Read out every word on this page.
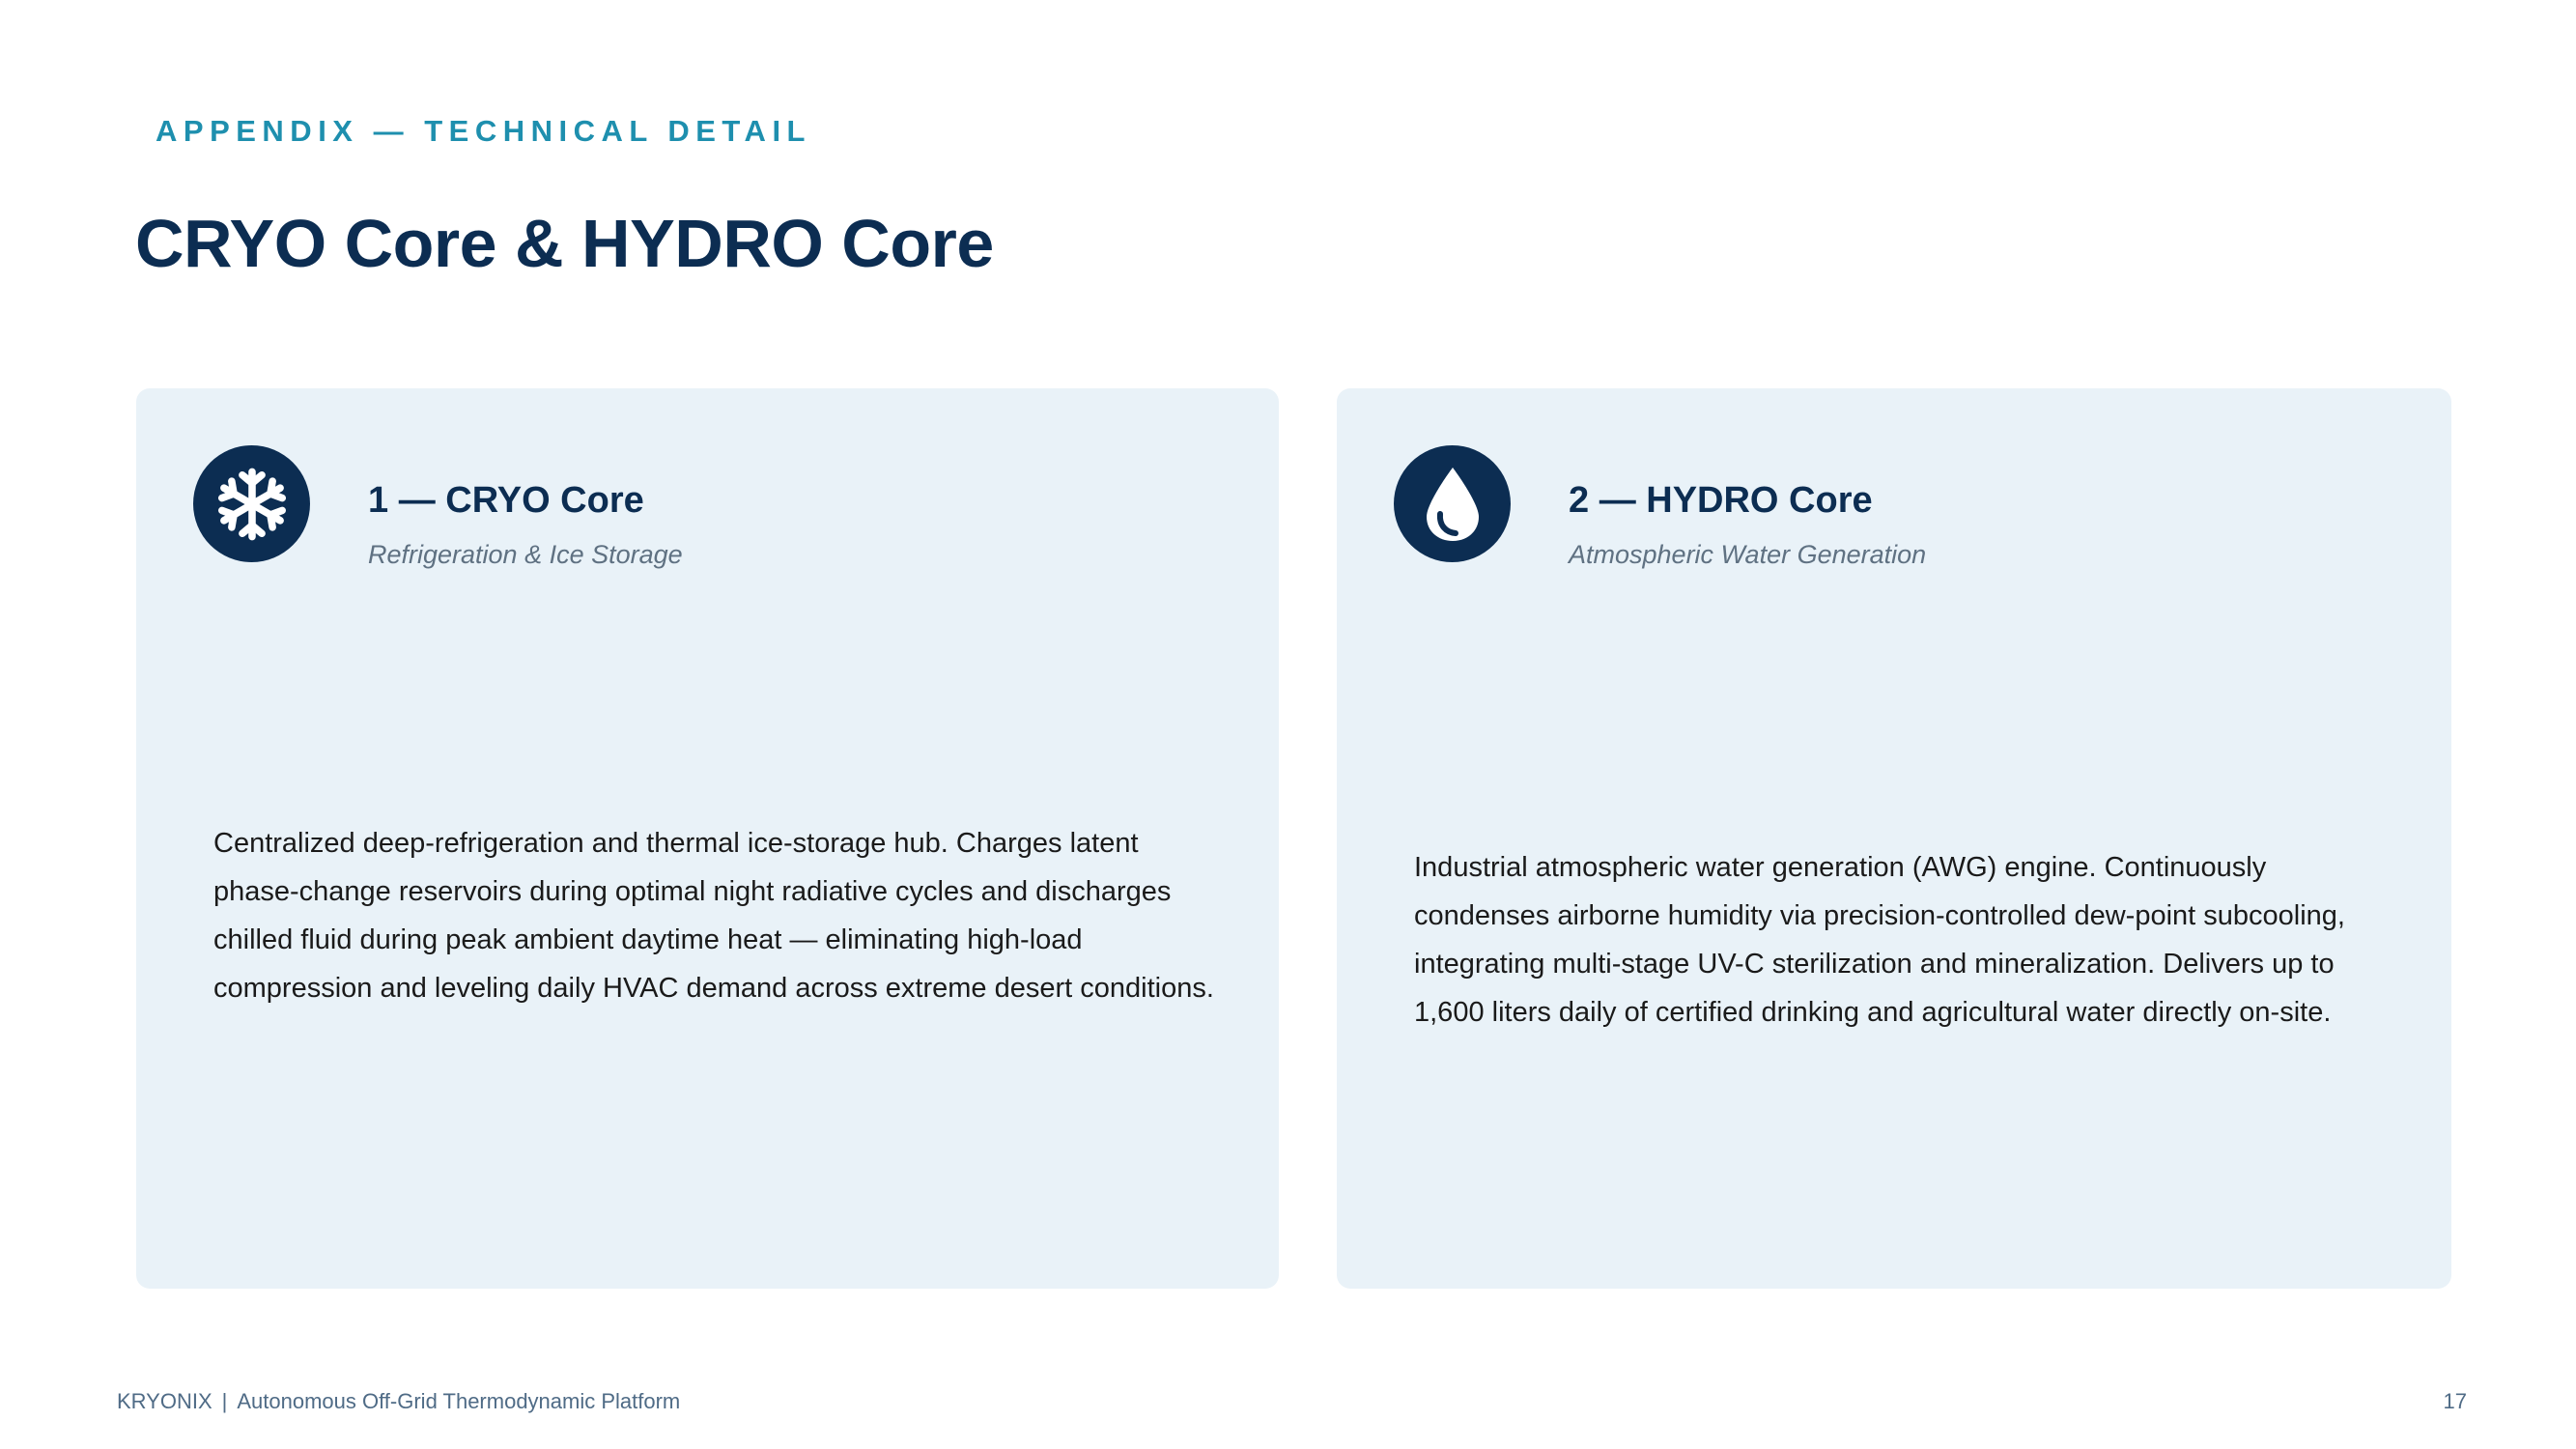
APPENDIX — TECHNICAL DETAIL
CRYO Core & HYDRO Core
1 — CRYO Core
Refrigeration & Ice Storage
Centralized deep-refrigeration and thermal ice-storage hub. Charges latent phase-change reservoirs during optimal night radiative cycles and discharges chilled fluid during peak ambient daytime heat — eliminating high-load compression and leveling daily HVAC demand across extreme desert conditions.
2 — HYDRO Core
Atmospheric Water Generation
Industrial atmospheric water generation (AWG) engine. Continuously condenses airborne humidity via precision-controlled dew-point subcooling, integrating multi-stage UV-C sterilization and mineralization. Delivers up to 1,600 liters daily of certified drinking and agricultural water directly on-site.
KRYONIX | Autonomous Off-Grid Thermodynamic Platform	17
